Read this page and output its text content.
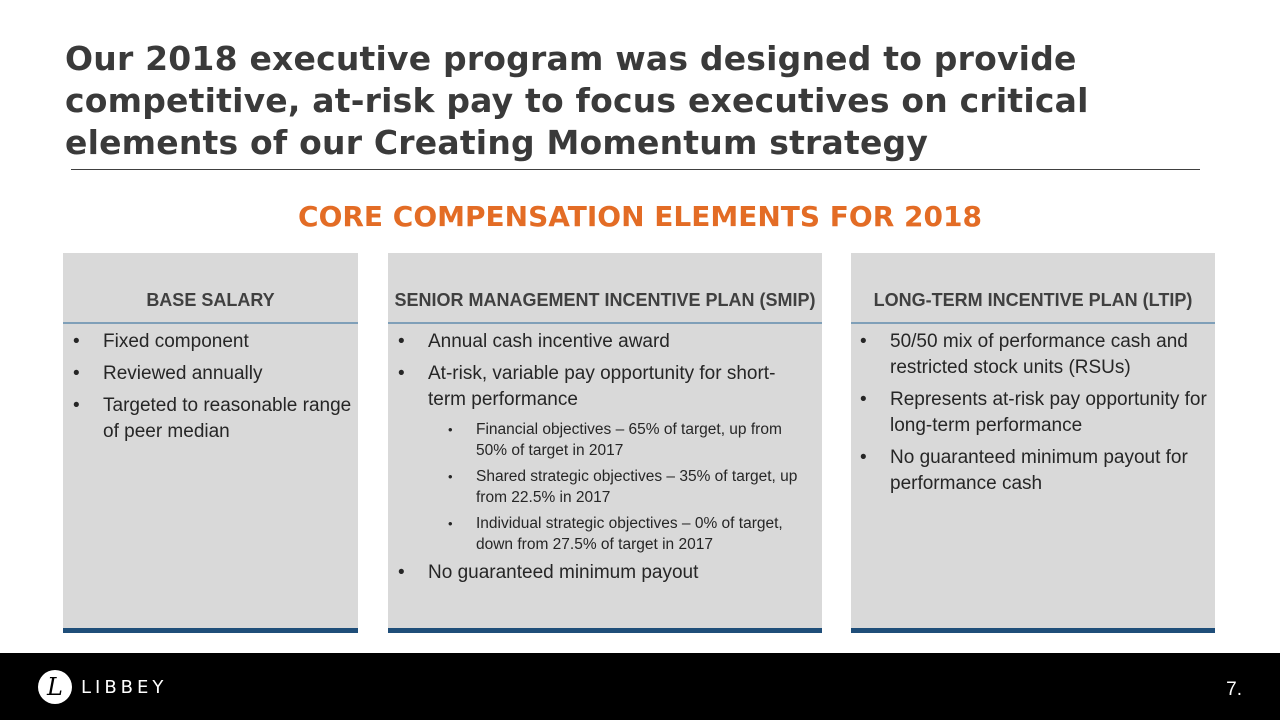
Our 2018 executive program was designed to provide
competitive, at-risk pay to focus executives on critical
elements of our Creating Momentum strategy
CORE COMPENSATION ELEMENTS FOR 2018
BASE SALARY
• Fixed component
• Reviewed annually
• Targeted to reasonable range of peer median
SENIOR MANAGEMENT INCENTIVE PLAN (SMIP)
• Annual cash incentive award
• At-risk, variable pay opportunity for short-term performance
• Financial objectives – 65% of target, up from 50% of target in 2017
• Shared strategic objectives – 35% of target, up from 22.5% in 2017
• Individual strategic objectives – 0% of target, down from 27.5% of target in 2017
• No guaranteed minimum payout
LONG-TERM INCENTIVE PLAN (LTIP)
• 50/50 mix of performance cash and restricted stock units (RSUs)
• Represents at-risk pay opportunity for long-term performance
• No guaranteed minimum payout for performance cash
L	LIBBEY	7.
